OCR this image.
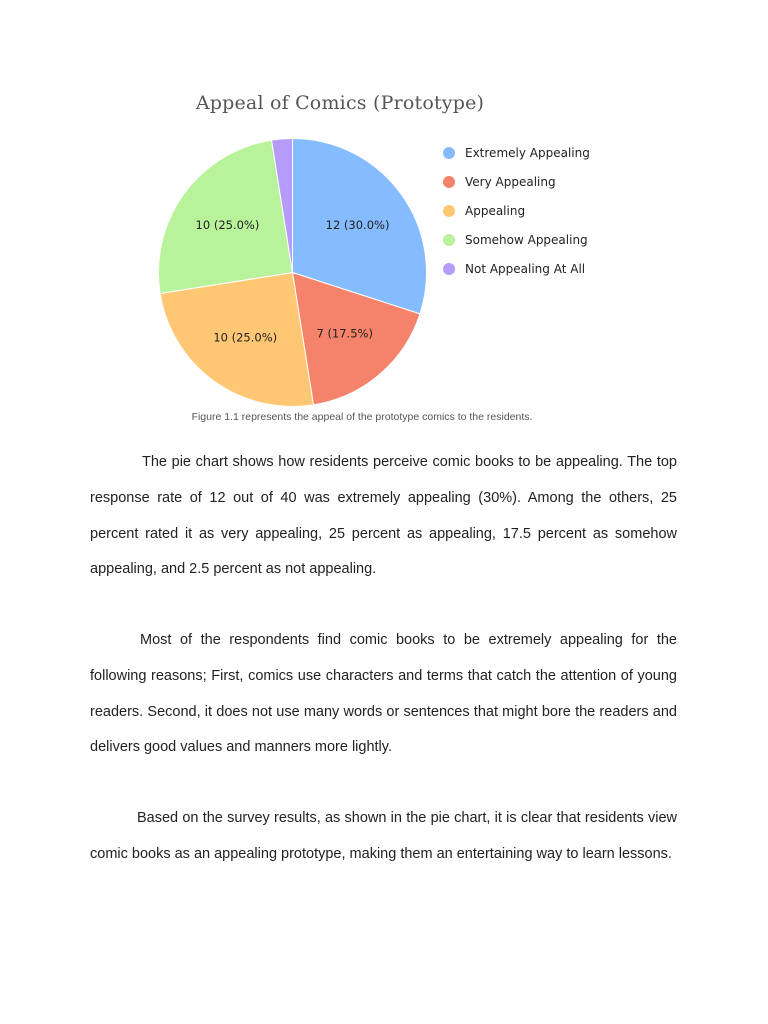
Appeal of Comics (Prototype)
12 (30.0%)
7 (17.5%)
10 (25.0%)
10 (25.0%)
Extremely Appealing
Very Appealing
Appealing
Somehow Appealing
Not Appealing At All
Figure 1.1 represents the appeal of the prototype comics to the residents.

The pie chart shows how residents perceive comic books to be appealing. The top response rate of 12 out of 40 was extremely appealing (30%). Among the others, 25 percent rated it as very appealing, 25 percent as appealing, 17.5 percent as somehow appealing, and 2.5 percent as not appealing.

Most of the respondents find comic books to be extremely appealing for the following reasons; First, comics use characters and terms that catch the attention of young readers. Second, it does not use many words or sentences that might bore the readers and delivers good values and manners more lightly.

Based on the survey results, as shown in the pie chart, it is clear that residents view comic books as an appealing prototype, making them an entertaining way to learn lessons.
